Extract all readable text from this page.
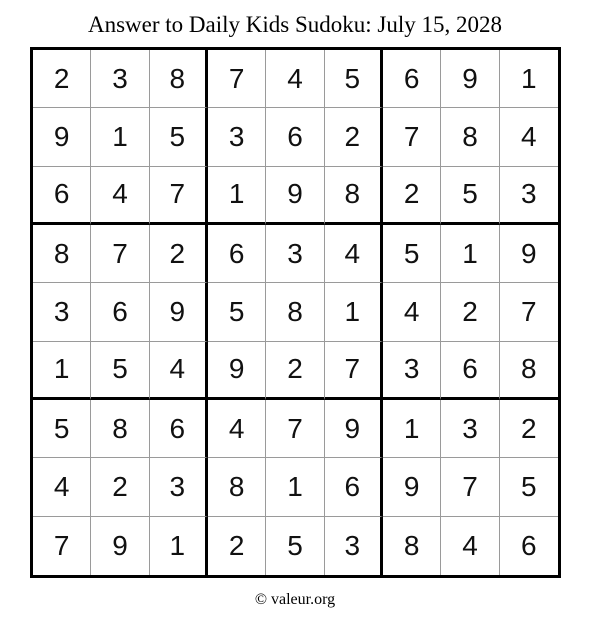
Answer to Daily Kids Sudoku: July 15, 2028
2	3	8	7	4	5	6	9	1
9	1	5	3	6	2	7	8	4
6	4	7	1	9	8	2	5	3
8	7	2	6	3	4	5	1	9
3	6	9	5	8	1	4	2	7
1	5	4	9	2	7	3	6	8
5	8	6	4	7	9	1	3	2
4	2	3	8	1	6	9	7	5
7	9	1	2	5	3	8	4	6
© valeur.org
